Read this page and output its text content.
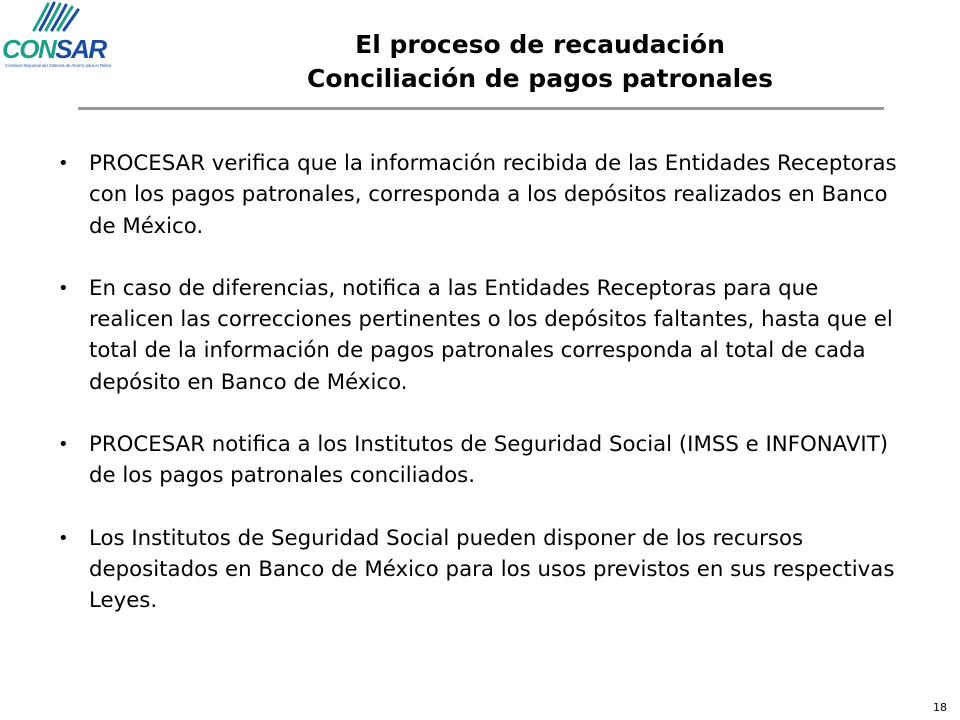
CONSAR
Comisión Nacional del Sistema de Ahorro para el Retiro
El proceso de recaudación
Conciliación de pagos patronales
• PROCESAR verifica que la información recibida de las Entidades Receptoras con los pagos patronales, corresponda a los depósitos realizados en Banco de México.
• En caso de diferencias, notifica a las Entidades Receptoras para que realicen las correcciones pertinentes o los depósitos faltantes, hasta que el total de la información de pagos patronales corresponda al total de cada depósito en Banco de México.
• PROCESAR notifica a los Institutos de Seguridad Social (IMSS e INFONAVIT) de los pagos patronales conciliados.
• Los Institutos de Seguridad Social pueden disponer de los recursos depositados en Banco de México para los usos previstos en sus respectivas Leyes.
18
